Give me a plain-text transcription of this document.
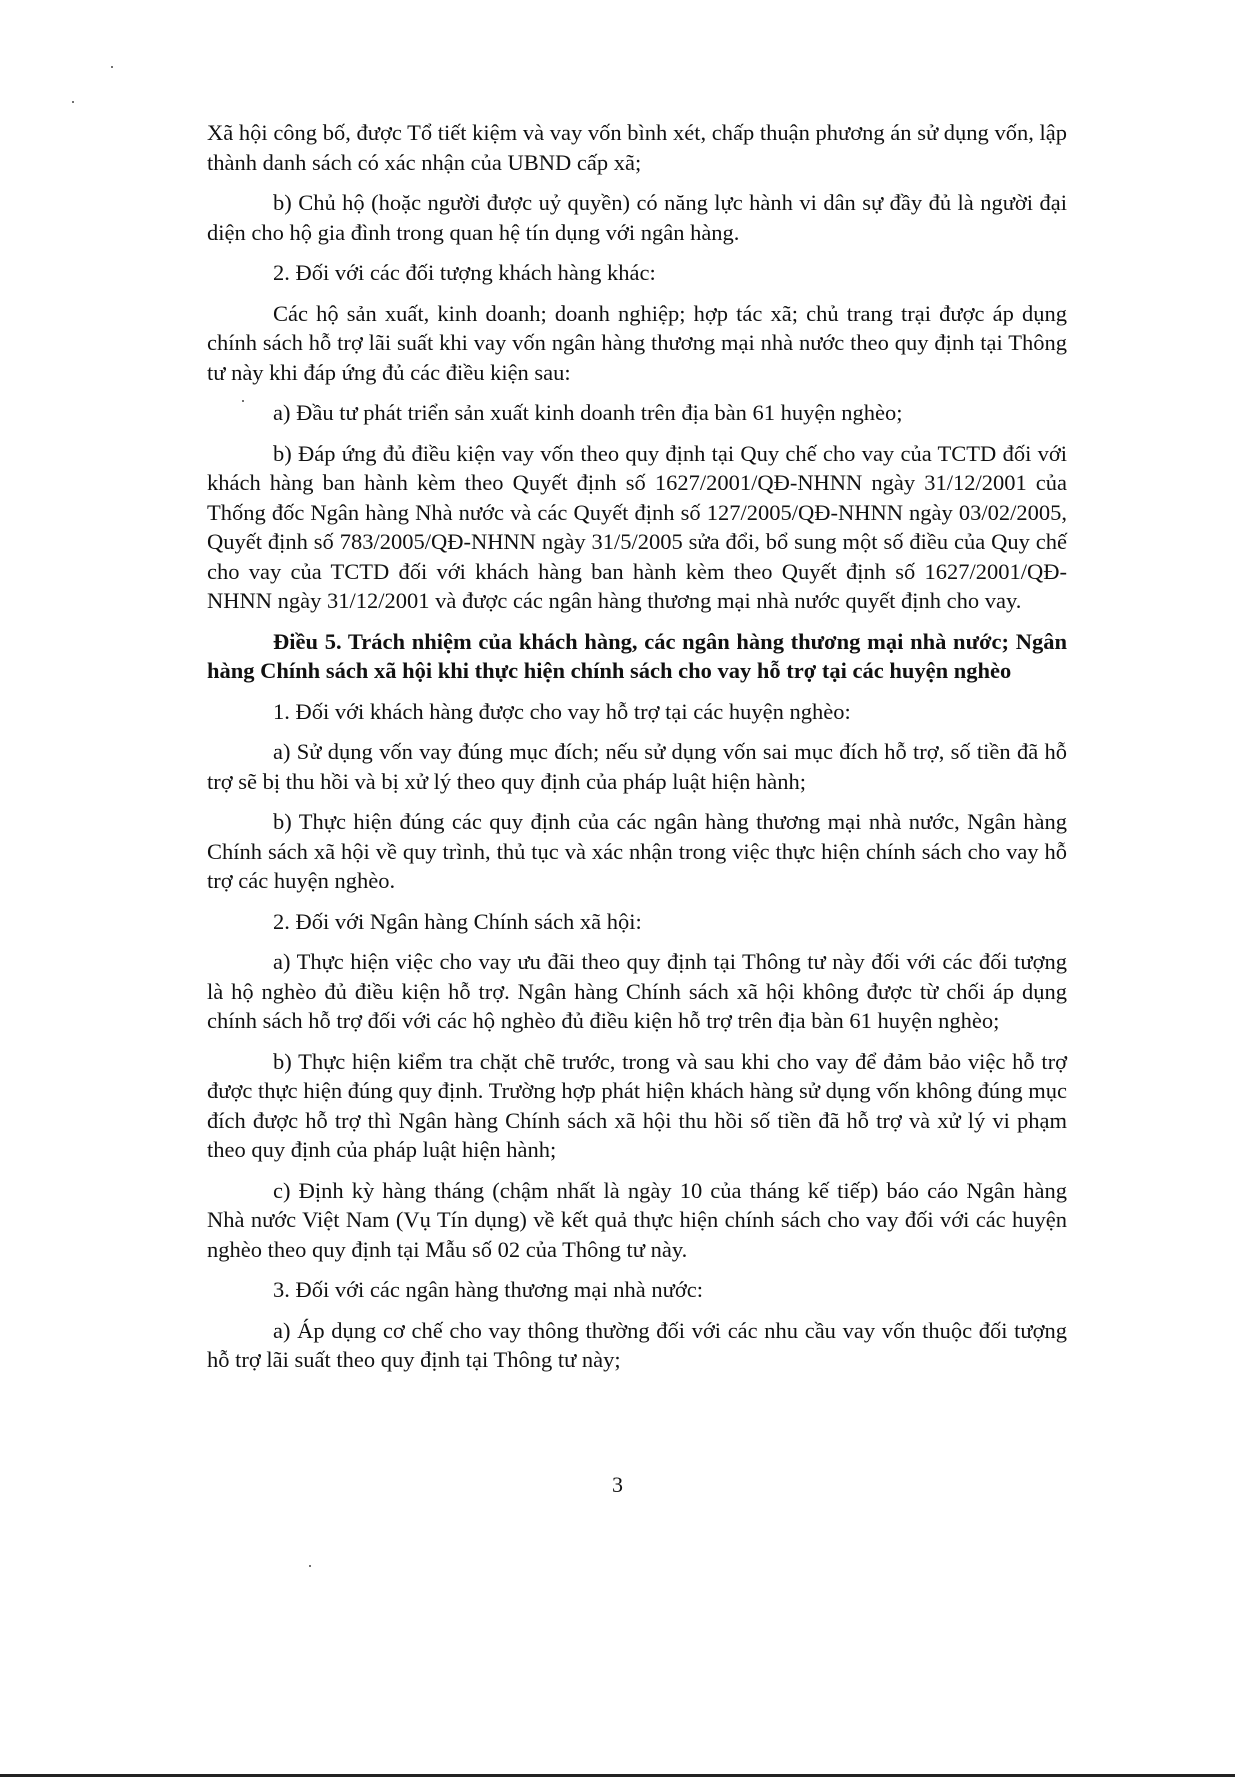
Xã hội công bố, được Tổ tiết kiệm và vay vốn bình xét, chấp thuận phương án sử dụng vốn, lập thành danh sách có xác nhận của UBND cấp xã;

b) Chủ hộ (hoặc người được uỷ quyền) có năng lực hành vi dân sự đầy đủ là người đại diện cho hộ gia đình trong quan hệ tín dụng với ngân hàng.

2. Đối với các đối tượng khách hàng khác:

Các hộ sản xuất, kinh doanh; doanh nghiệp; hợp tác xã; chủ trang trại được áp dụng chính sách hỗ trợ lãi suất khi vay vốn ngân hàng thương mại nhà nước theo quy định tại Thông tư này khi đáp ứng đủ các điều kiện sau:

a) Đầu tư phát triển sản xuất kinh doanh trên địa bàn 61 huyện nghèo;

b) Đáp ứng đủ điều kiện vay vốn theo quy định tại Quy chế cho vay của TCTD đối với khách hàng ban hành kèm theo Quyết định số 1627/2001/QĐ-NHNN ngày 31/12/2001 của Thống đốc Ngân hàng Nhà nước và các Quyết định số 127/2005/QĐ-NHNN ngày 03/02/2005, Quyết định số 783/2005/QĐ-NHNN ngày 31/5/2005 sửa đổi, bổ sung một số điều của Quy chế cho vay của TCTD đối với khách hàng ban hành kèm theo Quyết định số 1627/2001/QĐ-NHNN ngày 31/12/2001 và được các ngân hàng thương mại nhà nước quyết định cho vay.

Điều 5. Trách nhiệm của khách hàng, các ngân hàng thương mại nhà nước; Ngân hàng Chính sách xã hội khi thực hiện chính sách cho vay hỗ trợ tại các huyện nghèo

1. Đối với khách hàng được cho vay hỗ trợ tại các huyện nghèo:

a) Sử dụng vốn vay đúng mục đích; nếu sử dụng vốn sai mục đích hỗ trợ, số tiền đã hỗ trợ sẽ bị thu hồi và bị xử lý theo quy định của pháp luật hiện hành;

b) Thực hiện đúng các quy định của các ngân hàng thương mại nhà nước, Ngân hàng Chính sách xã hội về quy trình, thủ tục và xác nhận trong việc thực hiện chính sách cho vay hỗ trợ các huyện nghèo.

2. Đối với Ngân hàng Chính sách xã hội:

a) Thực hiện việc cho vay ưu đãi theo quy định tại Thông tư này đối với các đối tượng là hộ nghèo đủ điều kiện hỗ trợ. Ngân hàng Chính sách xã hội không được từ chối áp dụng chính sách hỗ trợ đối với các hộ nghèo đủ điều kiện hỗ trợ trên địa bàn 61 huyện nghèo;

b) Thực hiện kiểm tra chặt chẽ trước, trong và sau khi cho vay để đảm bảo việc hỗ trợ được thực hiện đúng quy định. Trường hợp phát hiện khách hàng sử dụng vốn không đúng mục đích được hỗ trợ thì Ngân hàng Chính sách xã hội thu hồi số tiền đã hỗ trợ và xử lý vi phạm theo quy định của pháp luật hiện hành;

c) Định kỳ hàng tháng (chậm nhất là ngày 10 của tháng kế tiếp) báo cáo Ngân hàng Nhà nước Việt Nam (Vụ Tín dụng) về kết quả thực hiện chính sách cho vay đối với các huyện nghèo theo quy định tại Mẫu số 02 của Thông tư này.

3. Đối với các ngân hàng thương mại nhà nước:

a) Áp dụng cơ chế cho vay thông thường đối với các nhu cầu vay vốn thuộc đối tượng hỗ trợ lãi suất theo quy định tại Thông tư này;

3
